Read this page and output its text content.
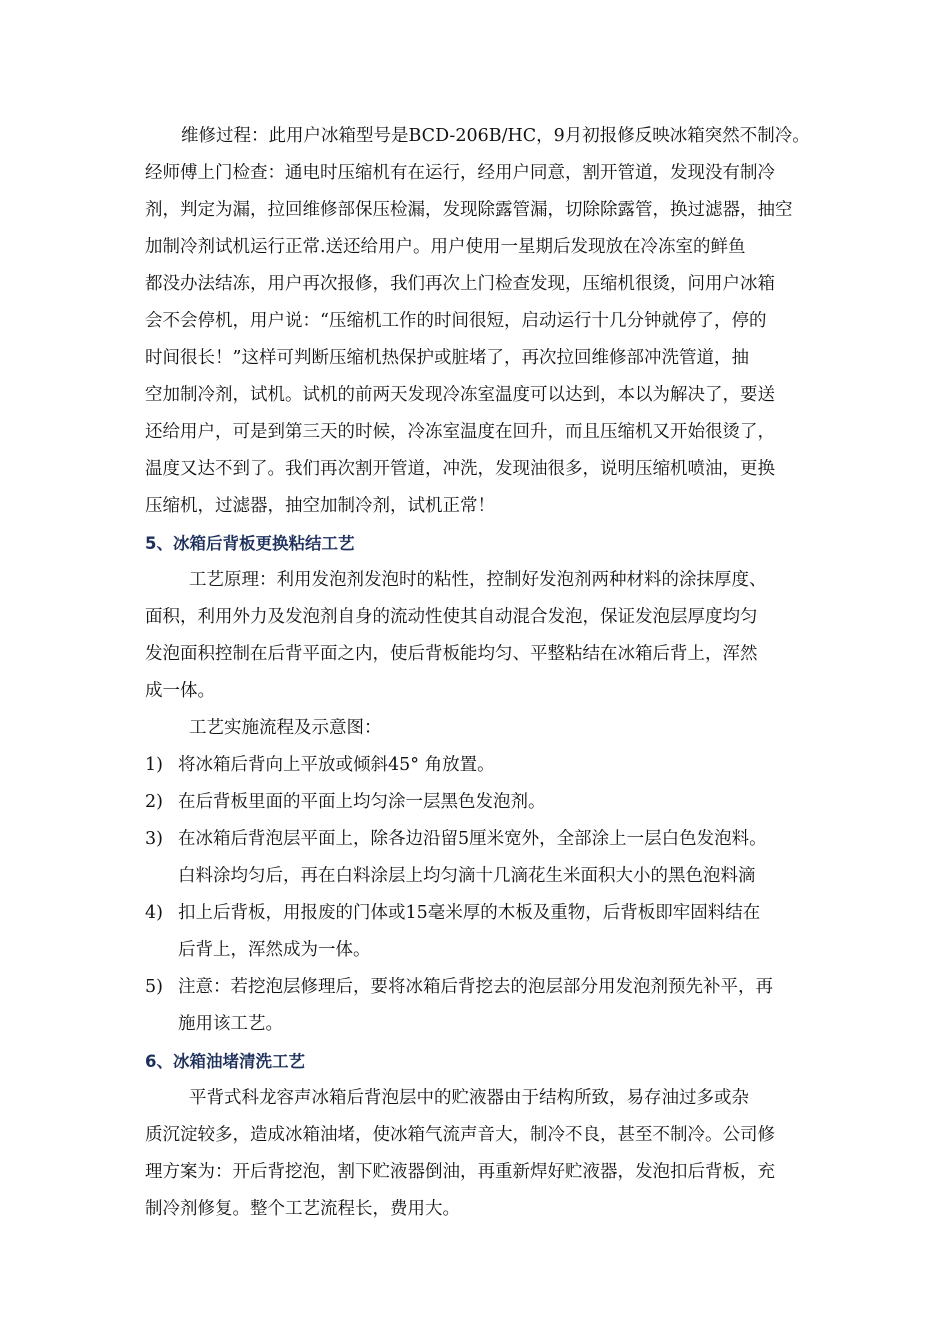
维修过程：此用户冰箱型号是BCD-206B/HC，9月初报修反映冰箱突然不制冷。
经师傅上门检查：通电时压缩机有在运行，经用户同意，割开管道，发现没有制冷
剂，判定为漏，拉回维修部保压检漏，发现除露管漏，切除除露管，换过滤器，抽空
加制冷剂试机运行正常.送还给用户。用户使用一星期后发现放在冷冻室的鲜鱼
都没办法结冻，用户再次报修，我们再次上门检查发现，压缩机很烫，问用户冰箱
会不会停机，用户说：“压缩机工作的时间很短，启动运行十几分钟就停了，停的
时间很长！”这样可判断压缩机热保护或脏堵了，再次拉回维修部冲洗管道，抽
空加制冷剂，试机。试机的前两天发现冷冻室温度可以达到，本以为解决了，要送
还给用户，可是到第三天的时候，冷冻室温度在回升，而且压缩机又开始很烫了，
温度又达不到了。我们再次割开管道，冲洗，发现油很多，说明压缩机喷油，更换
压缩机，过滤器，抽空加制冷剂，试机正常！
5、冰箱后背板更换粘结工艺
工艺原理：利用发泡剂发泡时的粘性，控制好发泡剂两种材料的涂抹厚度、
面积，利用外力及发泡剂自身的流动性使其自动混合发泡，保证发泡层厚度均匀
发泡面积控制在后背平面之内，使后背板能均匀、平整粘结在冰箱后背上，浑然
成一体。
工艺实施流程及示意图：
1) 将冰箱后背向上平放或倾斜45° 角放置。
2) 在后背板里面的平面上均匀涂一层黑色发泡剂。
3) 在冰箱后背泡层平面上，除各边沿留5厘米宽外，全部涂上一层白色发泡料。
白料涂均匀后，再在白料涂层上均匀滴十几滴花生米面积大小的黑色泡料滴
4) 扣上后背板，用报废的门体或15毫米厚的木板及重物，后背板即牢固料结在
后背上，浑然成为一体。
5) 注意：若挖泡层修理后，要将冰箱后背挖去的泡层部分用发泡剂预先补平，再
施用该工艺。
6、冰箱油堵清洗工艺
平背式科龙容声冰箱后背泡层中的贮液器由于结构所致，易存油过多或杂
质沉淀较多，造成冰箱油堵，使冰箱气流声音大，制冷不良，甚至不制冷。公司修
理方案为：开后背挖泡，割下贮液器倒油，再重新焊好贮液器，发泡扣后背板，充
制冷剂修复。整个工艺流程长，费用大。
